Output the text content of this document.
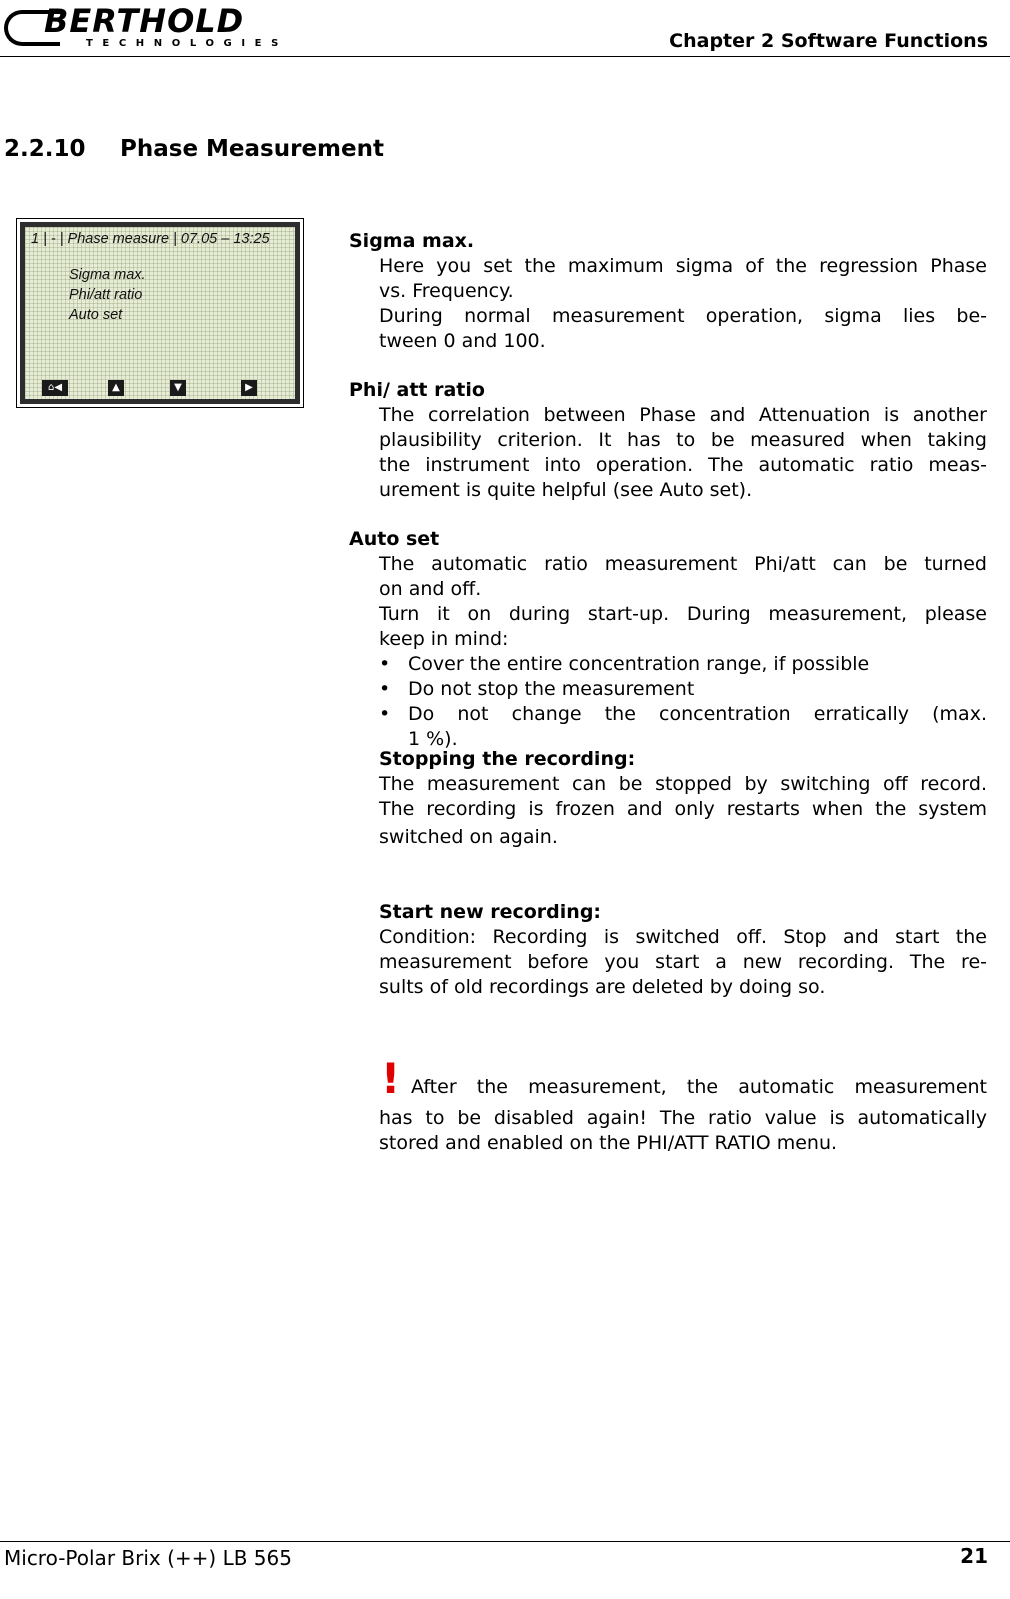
BERTHOLD
TECHNOLOGIES	Chapter 2 Software Functions
2.2.10 Phase Measurement
1 | - | Phase measure | 07.05 – 13:25
Sigma max.
Phi/att ratio
Auto set
⌂◀	▲	▼	▶
Sigma max.
Here you set the maximum sigma of the regression Phase
vs. Frequency.
During normal measurement operation, sigma lies be-
tween 0 and 100.
Phi/ att ratio
The correlation between Phase and Attenuation is another
plausibility criterion. It has to be measured when taking
the instrument into operation. The automatic ratio meas-
urement is quite helpful (see Auto set).
Auto set
The automatic ratio measurement Phi/att can be turned
on and off.
Turn it on during start-up. During measurement, please
keep in mind:
• Cover the entire concentration range, if possible
• Do not stop the measurement
• Do not change the concentration erratically (max.
1 %).
Stopping the recording:
The measurement can be stopped by switching off record.
The recording is frozen and only restarts when the system
switched on again.
Start new recording:
Condition: Recording is switched off. Stop and start the
measurement before you start a new recording. The re-
sults of old recordings are deleted by doing so.
! After the measurement, the automatic measurement
has to be disabled again! The ratio value is automatically
stored and enabled on the PHI/ATT RATIO menu.
Micro-Polar Brix (++) LB 565	21
